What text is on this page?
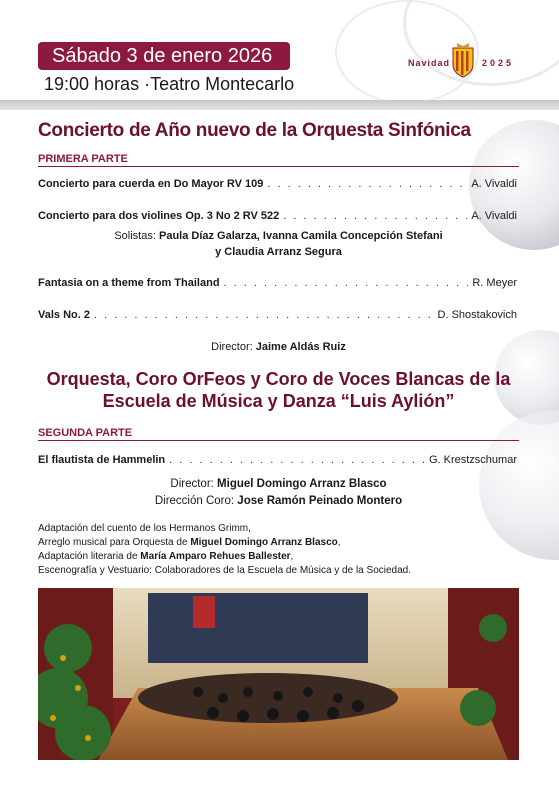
Sábado 3 de enero 2026
19:00 horas ·Teatro Montecarlo
Navidad	2025
Concierto de Año nuevo de la Orquesta Sinfónica
PRIMERA PARTE
Concierto para cuerda en Do Mayor RV 109 . . .	A. Vivaldi
Concierto para dos violines Op. 3 No 2 RV 522 . . .	A. Vivaldi
Solistas: Paula Díaz Galarza, Ivanna Camila Concepción Stefani
y Claudia Arranz Segura
Fantasia on a theme from Thailand . . .	R. Meyer
Vals No. 2 . . .	D. Shostakovich
Director: Jaime Aldás Ruiz
Orquesta, Coro OrFeos y Coro de Voces Blancas de la
Escuela de Música y Danza “Luis Aylión”
SEGUNDA PARTE
El flautista de Hammelin . . .	G. Krestzschumar
Director: Miguel Domingo Arranz Blasco
Dirección Coro: Jose Ramón Peinado Montero
Adaptación del cuento de los Hermanos Grimm,
Arreglo musical para Orquesta de Miguel Domingo Arranz Blasco,
Adaptación literaria de María Amparo Rehues Ballester,
Escenografía y Vestuario: Colaboradores de la Escuela de Música y de la Sociedad.
